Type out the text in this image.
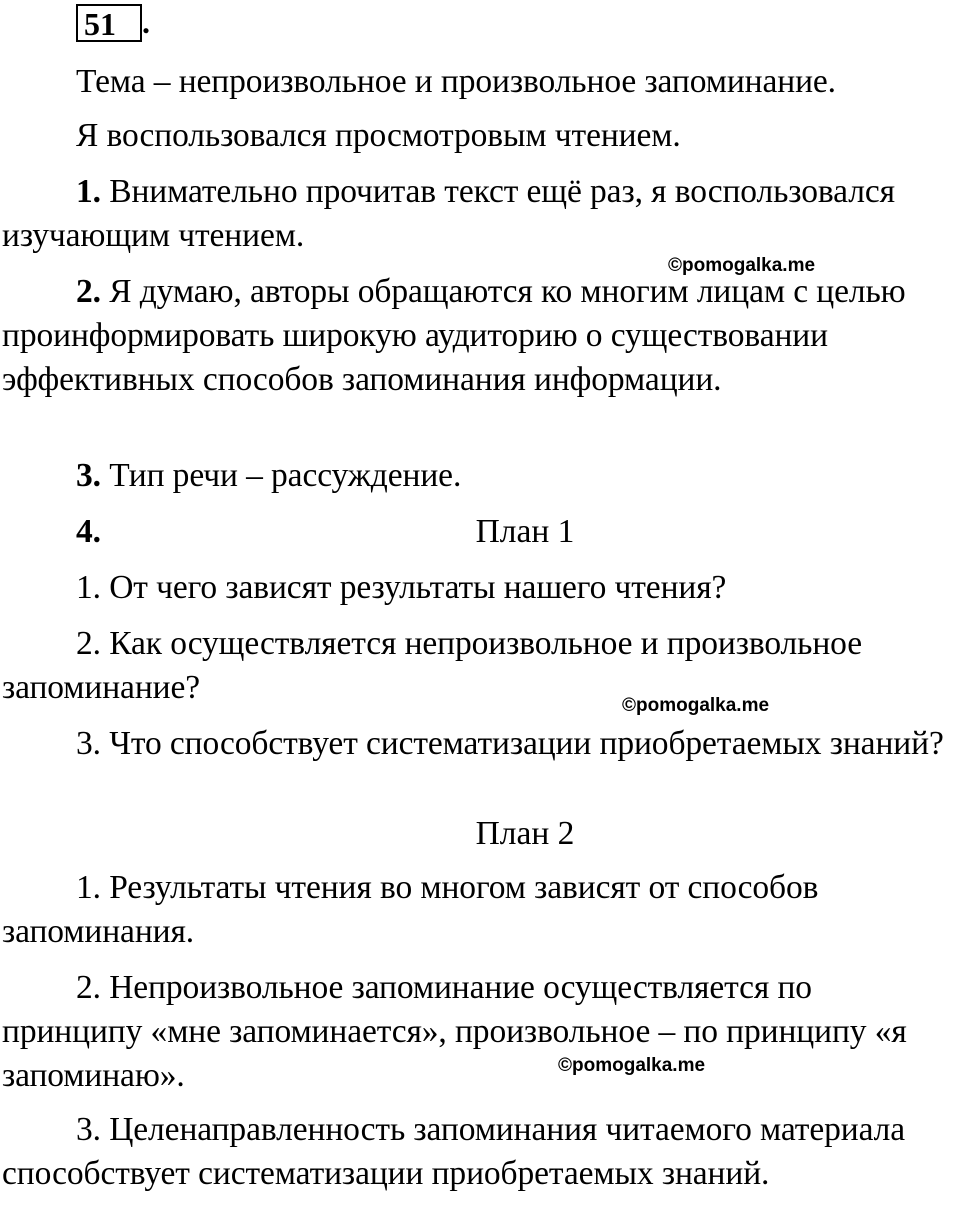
51 .

Тема – непроизвольное и произвольное запоминание.

Я воспользовался просмотровым чтением.

1. Внимательно прочитав текст ещё раз, я воспользовался изучающим чтением.

©pomogalka.me

2. Я думаю, авторы обращаются ко многим лицам с целью проинформировать широкую аудиторию о существовании эффективных способов запоминания информации.

3. Тип речи – рассуждение.

4.	План 1

1. От чего зависят результаты нашего чтения?

2. Как осуществляется непроизвольное и произвольное запоминание?	©pomogalka.me

3. Что способствует систематизации приобретаемых знаний?

План 2

1. Результаты чтения во многом зависят от способов запоминания.

2. Непроизвольное запоминание осуществляется по принципу «мне запоминается», произвольное – по принципу «я запоминаю».	©pomogalka.me

3. Целенаправленность запоминания читаемого материала способствует систематизации приобретаемых знаний.
